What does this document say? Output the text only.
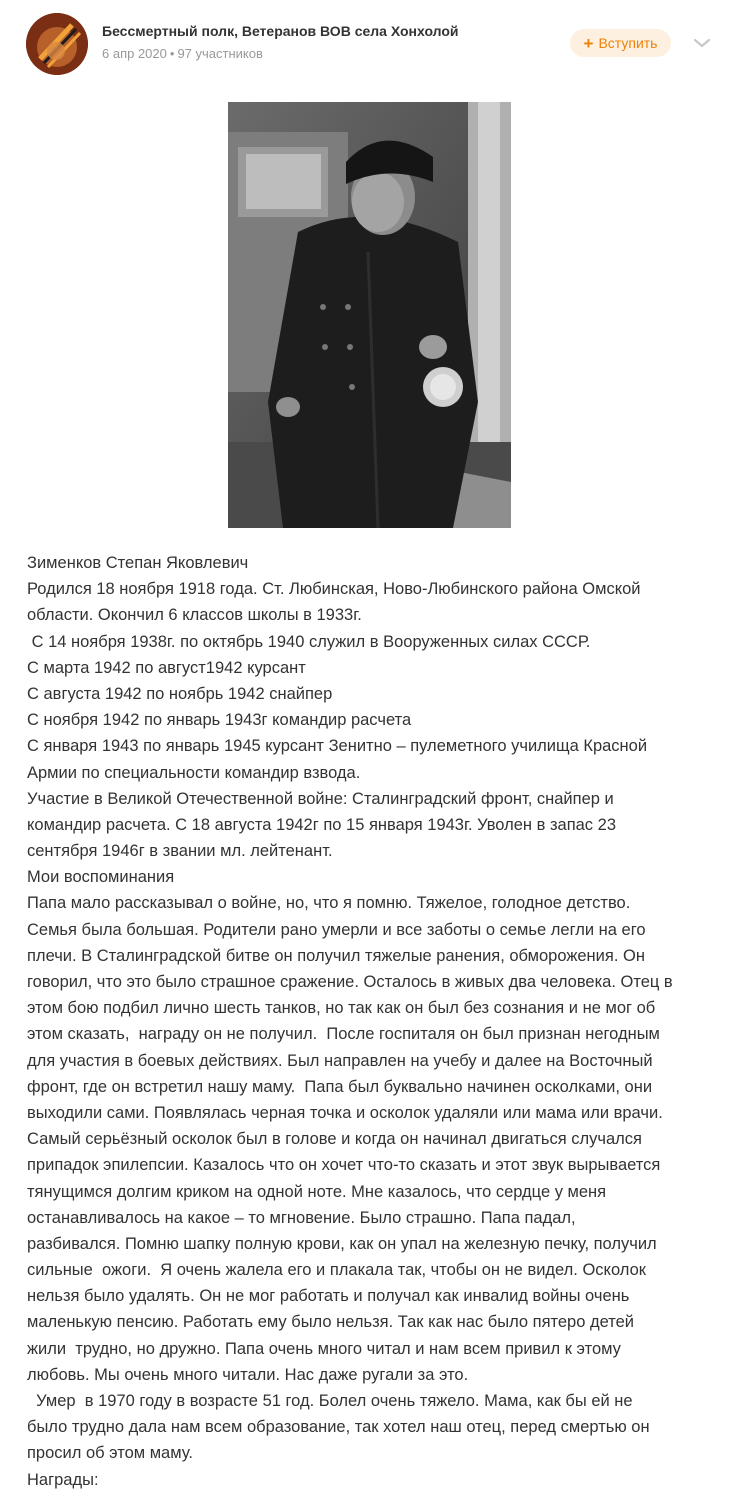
Бессмертный полк, Ветеранов ВОВ села Хонхолой
6 апр 2020 • 97 участников
+ Вступить
Зименков Степан Яковлевич
Родился 18 ноября 1918 года. Ст. Любинская, Ново-Любинского района Омской
области. Окончил 6 классов школы в 1933г.
С 14 ноября 1938г. по октябрь 1940 служил в Вооруженных силах СССР.
С марта 1942 по август1942 курсант
С августа 1942 по ноябрь 1942 снайпер
С ноября 1942 по январь 1943г командир расчета
С января 1943 по январь 1945 курсант Зенитно – пулеметного училища Красной
Армии по специальности командир взвода.
Участие в Великой Отечественной войне: Сталинградский фронт, снайпер и
командир расчета. С 18 августа 1942г по 15 января 1943г. Уволен в запас 23
сентября 1946г в звании мл. лейтенант.
Мои воспоминания
Папа мало рассказывал о войне, но, что я помню. Тяжелое, голодное детство.
Семья была большая. Родители рано умерли и все заботы о семье легли на его
плечи. В Сталинградской битве он получил тяжелые ранения, обморожения. Он
говорил, что это было страшное сражение. Осталось в живых два человека. Отец в
этом бою подбил лично шесть танков, но так как он был без сознания и не мог об
этом сказать,  награду он не получил.  После госпиталя он был признан негодным
для участия в боевых действиях. Был направлен на учебу и далее на Восточный
фронт, где он встретил нашу маму.  Папа был буквально начинен осколками, они
выходили сами. Появлялась черная точка и осколок удаляли или мама или врачи.
Самый серьёзный осколок был в голове и когда он начинал двигаться случался
припадок эпилепсии. Казалось что он хочет что-то сказать и этот звук вырывается
тянущимся долгим криком на одной ноте. Мне казалось, что сердце у меня
останавливалось на какое – то мгновение. Было страшно. Папа падал,
разбивался. Помню шапку полную крови, как он упал на железную печку, получил
сильные  ожоги.  Я очень жалела его и плакала так, чтобы он не видел. Осколок
нельзя было удалять. Он не мог работать и получал как инвалид войны очень
маленькую пенсию. Работать ему было нельзя. Так как нас было пятеро детей
жили  трудно, но дружно. Папа очень много читал и нам всем привил к этому
любовь. Мы очень много читали. Нас даже ругали за это.
Умер  в 1970 году в возрасте 51 год. Болел очень тяжело. Мама, как бы ей не
было трудно дала нам всем образование, так хотел наш отец, перед смертью он
просил об этом маму.
Награды:
